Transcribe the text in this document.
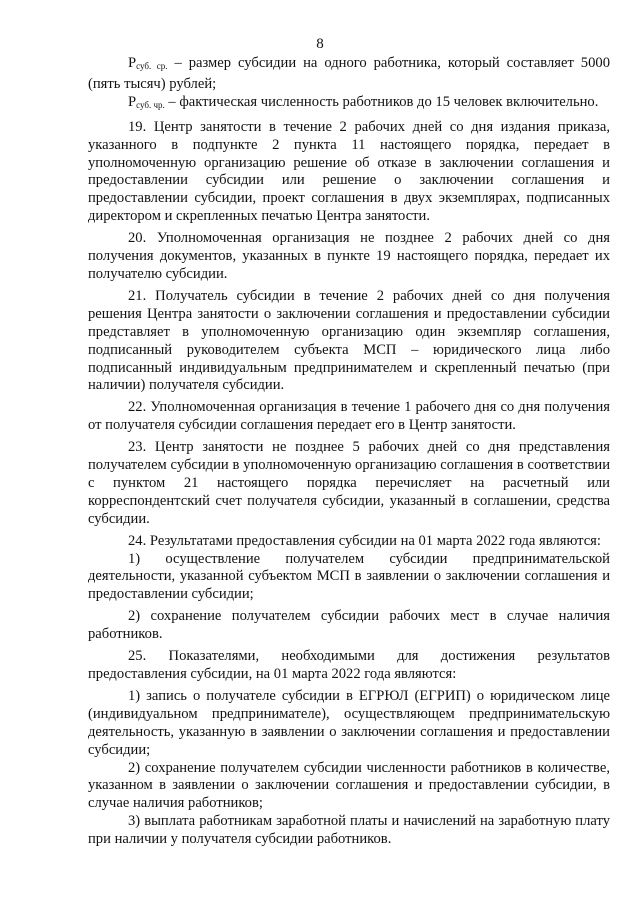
8

$Р_{суб. ср.}$ – размер субсидии на одного работника, который составляет 5000 (пять тысяч) рублей;

$Р_{суб. чр.}$ – фактическая численность работников до 15 человек включительно.

19. Центр занятости в течение 2 рабочих дней со дня издания приказа, указанного в подпункте 2 пункта 11 настоящего порядка, передает в уполномоченную организацию решение об отказе в заключении соглашения и предоставлении субсидии или решение о заключении соглашения и предоставлении субсидии, проект соглашения в двух экземплярах, подписанных директором и скрепленных печатью Центра занятости.

20. Уполномоченная организация не позднее 2 рабочих дней со дня получения документов, указанных в пункте 19 настоящего порядка, передает их получателю субсидии.

21. Получатель субсидии в течение 2 рабочих дней со дня получения решения Центра занятости о заключении соглашения и предоставлении субсидии представляет в уполномоченную организацию один экземпляр соглашения, подписанный руководителем субъекта МСП – юридического лица либо подписанный индивидуальным предпринимателем и скрепленный печатью (при наличии) получателя субсидии.

22. Уполномоченная организация в течение 1 рабочего дня со дня получения от получателя субсидии соглашения передает его в Центр занятости.

23. Центр занятости не позднее 5 рабочих дней со дня представления получателем субсидии в уполномоченную организацию соглашения в соответствии с пунктом 21 настоящего порядка перечисляет на расчетный или корреспондентский счет получателя субсидии, указанный в соглашении, средства субсидии.

24. Результатами предоставления субсидии на 01 марта 2022 года являются:

1) осуществление получателем субсидии предпринимательской деятельности, указанной субъектом МСП в заявлении о заключении соглашения и предоставлении субсидии;

2) сохранение получателем субсидии рабочих мест в случае наличия работников.

25. Показателями, необходимыми для достижения результатов предоставления субсидии, на 01 марта 2022 года являются:

1) запись о получателе субсидии в ЕГРЮЛ (ЕГРИП) о юридическом лице (индивидуальном предпринимателе), осуществляющем предпринимательскую деятельность, указанную в заявлении о заключении соглашения и предоставлении субсидии;

2) сохранение получателем субсидии численности работников в количестве, указанном в заявлении о заключении соглашения и предоставлении субсидии, в случае наличия работников;

3) выплата работникам заработной платы и начислений на заработную плату при наличии у получателя субсидии работников.
